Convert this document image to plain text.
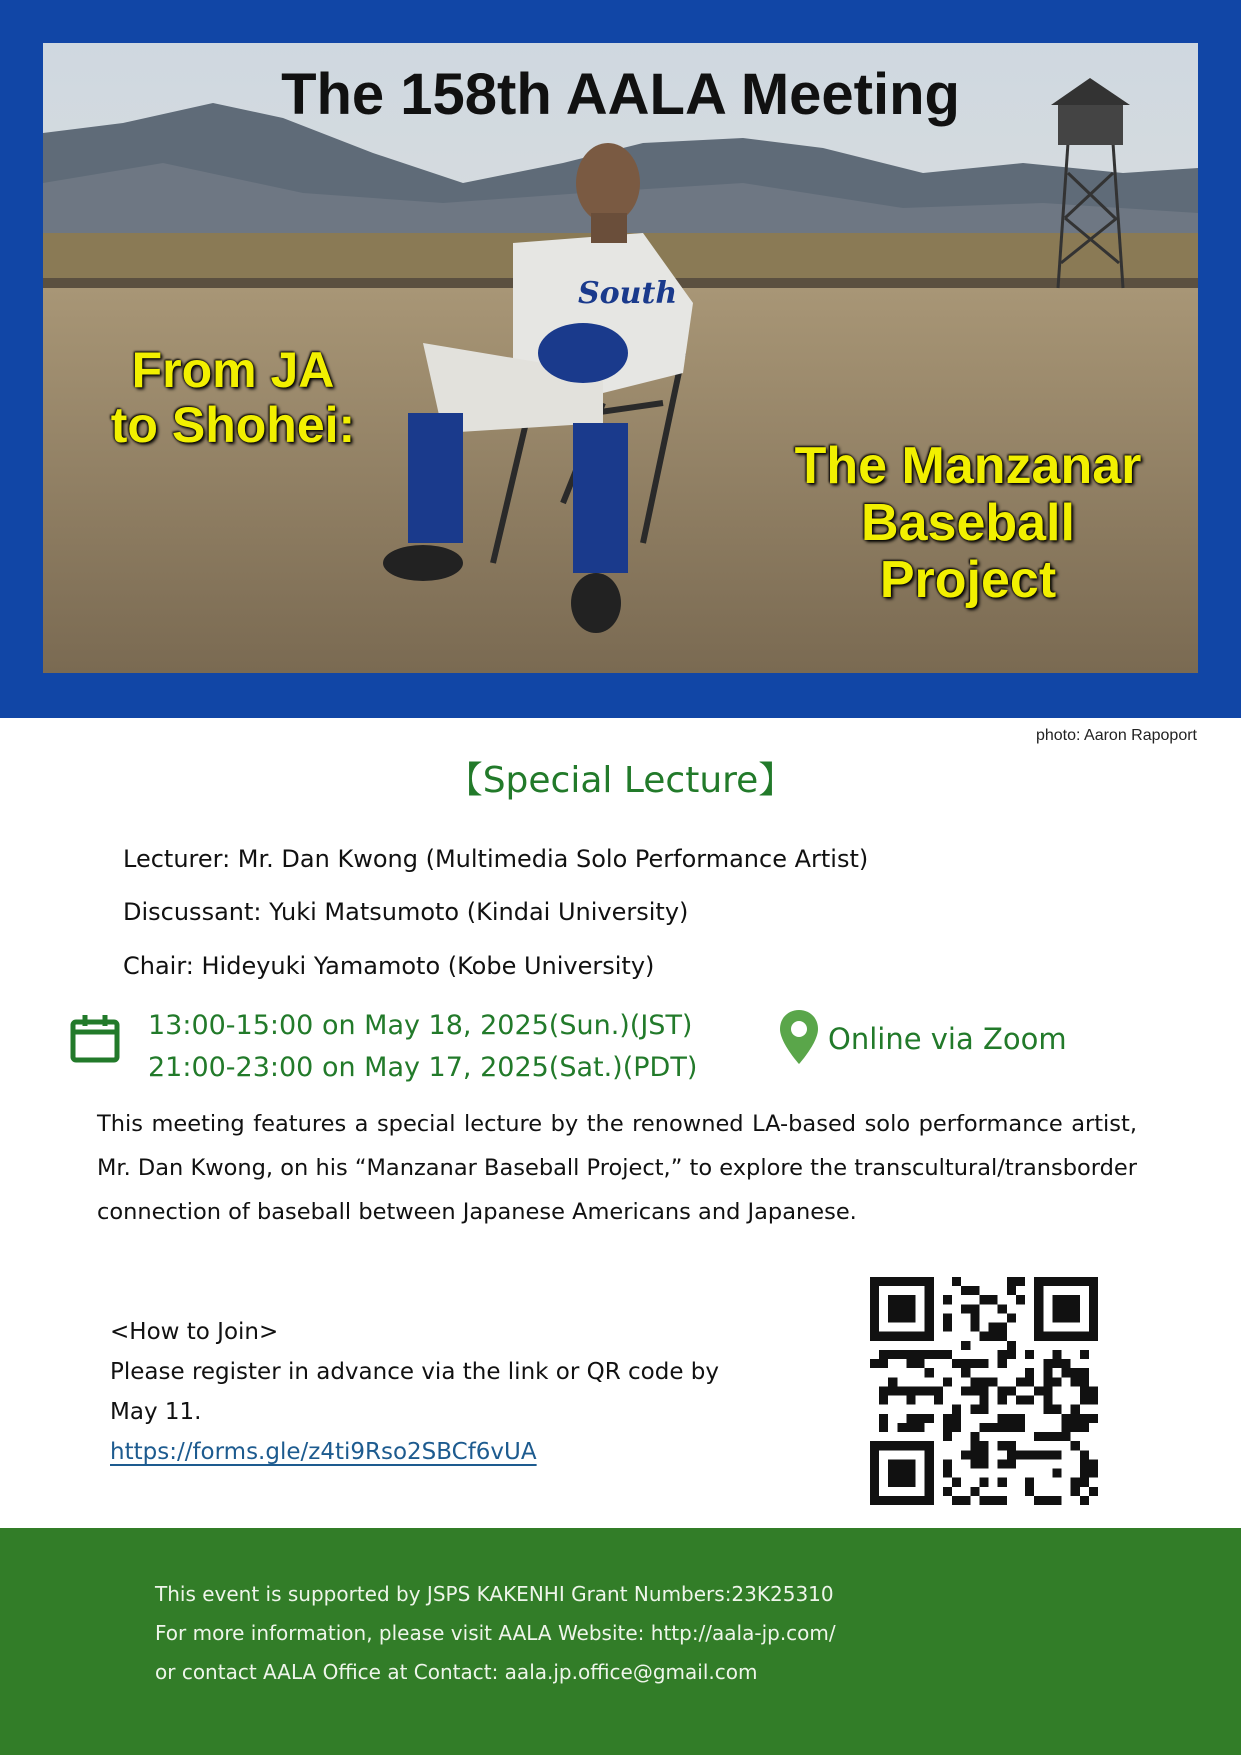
South
The 158th AALA Meeting
From JA
to Shohei:
The Manzanar
Baseball
Project
photo: Aaron Rapoport
【Special Lecture】
Lecturer: Mr. Dan Kwong (Multimedia Solo Performance Artist)
Discussant: Yuki Matsumoto (Kindai University)
Chair: Hideyuki Yamamoto (Kobe University)
13:00-15:00 on May 18, 2025(Sun.)(JST)
21:00-23:00 on May 17, 2025(Sat.)(PDT)
Online via Zoom
This meeting features a special lecture by the renowned LA-based solo performance artist, Mr. Dan Kwong, on his “Manzanar Baseball Project,” to explore the transcultural/transborder connection of baseball between Japanese Americans and Japanese.
<How to Join>
Please register in advance via the link or QR code by May 11.
https://forms.gle/z4ti9Rso2SBCf6vUA
This event is supported by JSPS KAKENHI Grant Numbers:23K25310
For more information, please visit AALA Website: http://aala-jp.com/
or contact AALA Office at Contact: aala.jp.office@gmail.com
